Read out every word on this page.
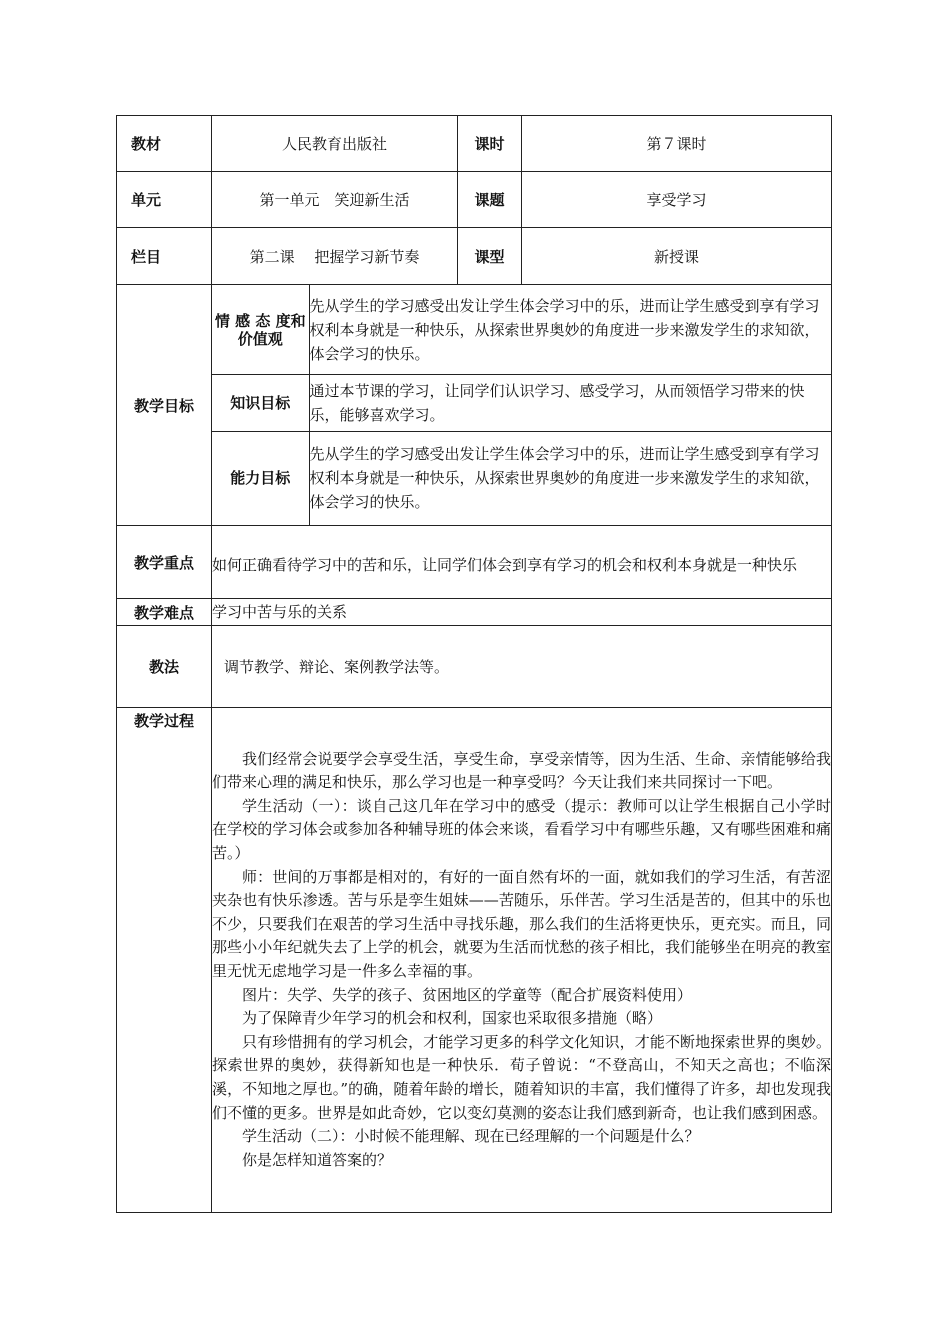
教材	人民教育出版社	课时	第７课时
单元	第一单元　笑迎新生活	课题	享受学习
栏目	第二课　 把握学习新节奏	课型	新授课
教学目标	
情 感 态 度和价值观	先从学生的学习感受出发让学生体会学习中的乐，进而让学生感受到享有学习权利本身就是一种快乐，从探索世界奥妙的角度进一步来激发学生的求知欲，体会学习的快乐。
知识目标	通过本节课的学习，让同学们认识学习、感受学习，从而领悟学习带来的快乐，能够喜欢学习。
能力目标	先从学生的学习感受出发让学生体会学习中的乐，进而让学生感受到享有学习权利本身就是一种快乐，从探索世界奥妙的角度进一步来激发学生的求知欲，体会学习的快乐。

教学重点	如何正确看待学习中的苦和乐，让同学们体会到享有学习的机会和权利本身就是一种快乐
教学难点	学习中苦与乐的关系
教法	调节教学、辩论、案例教学法等。
教学过程	

我们经常会说要学会享受生活，享受生命，享受亲情等，因为生活、生命、亲情能够给我们带来心理的满足和快乐，那么学习也是一种享受吗？今天让我们来共同探讨一下吧。

学生活动（一）：谈自己这几年在学习中的感受（提示：教师可以让学生根据自己小学时在学校的学习体会或参加各种辅导班的体会来谈，看看学习中有哪些乐趣，又有哪些困难和痛苦。）

师：世间的万事都是相对的，有好的一面自然有坏的一面，就如我们的学习生活，有苦涩夹杂也有快乐渗透。苦与乐是孪生姐妹——苦随乐，乐伴苦。学习生活是苦的，但其中的乐也不少，只要我们在艰苦的学习生活中寻找乐趣，那么我们的生活将更快乐，更充实。而且，同那些小小年纪就失去了上学的机会，就要为生活而忧愁的孩子相比，我们能够坐在明亮的教室里无忧无虑地学习是一件多么幸福的事。

图片：失学、失学的孩子、贫困地区的学童等（配合扩展资料使用）

为了保障青少年学习的机会和权利，国家也采取很多措施（略）

只有珍惜拥有的学习机会，才能学习更多的科学文化知识，才能不断地探索世界的奥妙。探索世界的奥妙，获得新知也是一种快乐．荀子曾说：“不登高山，不知天之高也；不临深溪，不知地之厚也。”的确，随着年龄的增长，随着知识的丰富，我们懂得了许多，却也发现我们不懂的更多。世界是如此奇妙，它以变幻莫测的姿态让我们感到新奇，也让我们感到困惑。

学生活动（二）：小时候不能理解、现在已经理解的一个问题是什么？

你是怎样知道答案的？
